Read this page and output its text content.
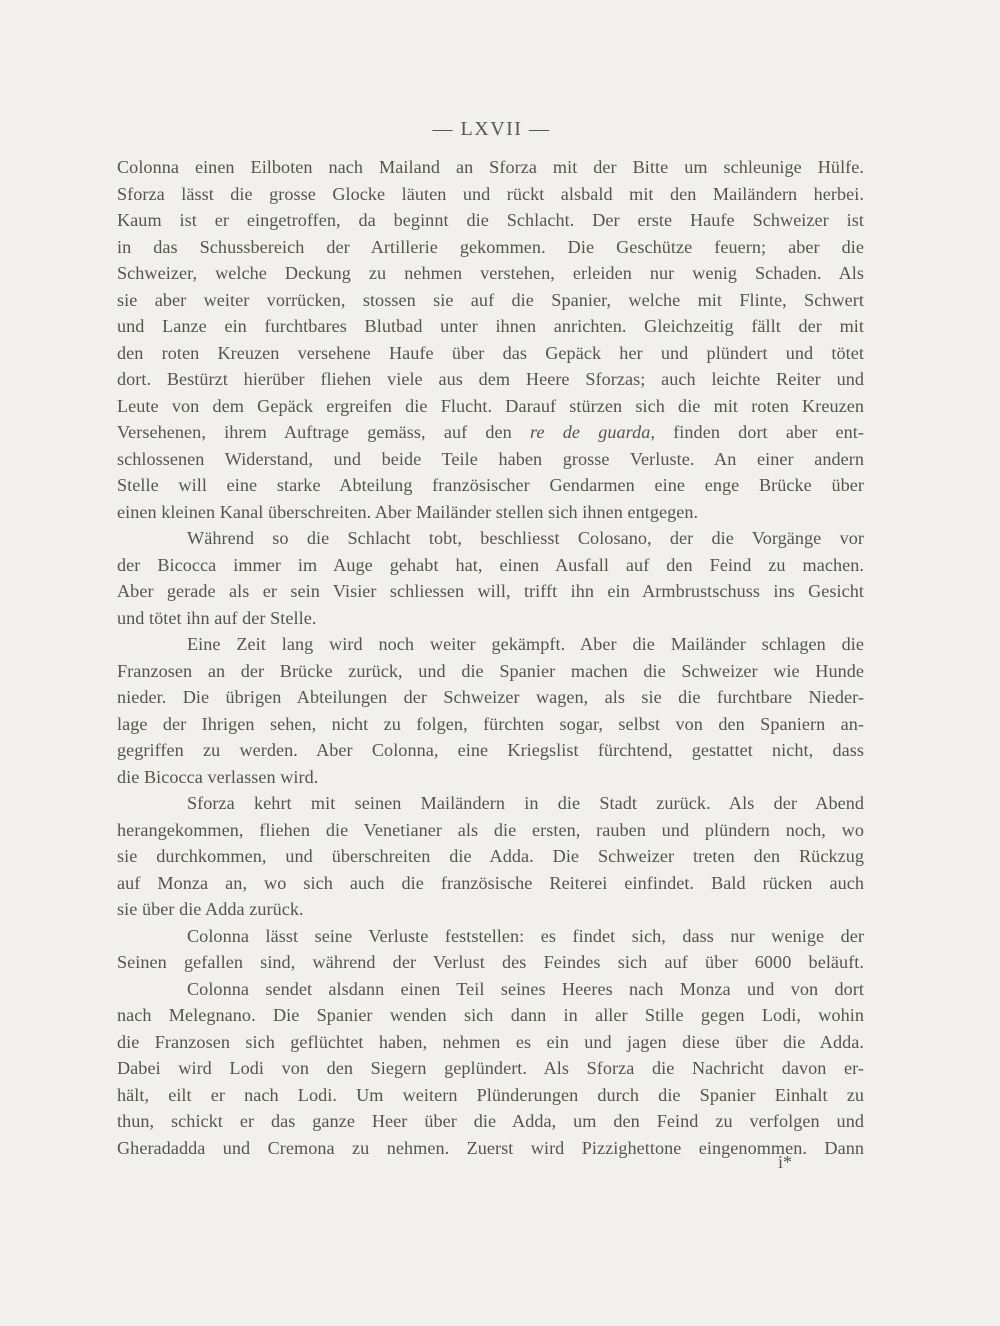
— LXVII —
Colonna einen Eilboten nach Mailand an Sforza mit der Bitte um schleunige Hülfe.
Sforza lässt die grosse Glocke läuten und rückt alsbald mit den Mailändern herbei.
Kaum ist er eingetroffen, da beginnt die Schlacht. Der erste Haufe Schweizer ist
in das Schussbereich der Artillerie gekommen. Die Geschütze feuern; aber die
Schweizer, welche Deckung zu nehmen verstehen, erleiden nur wenig Schaden. Als
sie aber weiter vorrücken, stossen sie auf die Spanier, welche mit Flinte, Schwert
und Lanze ein furchtbares Blutbad unter ihnen anrichten. Gleichzeitig fällt der mit
den roten Kreuzen versehene Haufe über das Gepäck her und plündert und tötet
dort. Bestürzt hierüber fliehen viele aus dem Heere Sforzas; auch leichte Reiter und
Leute von dem Gepäck ergreifen die Flucht. Darauf stürzen sich die mit roten Kreuzen
Versehenen, ihrem Auftrage gemäss, auf den re de guarda, finden dort aber ent-
schlossenen Widerstand, und beide Teile haben grosse Verluste. An einer andern
Stelle will eine starke Abteilung französischer Gendarmen eine enge Brücke über
einen kleinen Kanal überschreiten. Aber Mailänder stellen sich ihnen entgegen.
Während so die Schlacht tobt, beschliesst Colosano, der die Vorgänge vor
der Bicocca immer im Auge gehabt hat, einen Ausfall auf den Feind zu machen.
Aber gerade als er sein Visier schliessen will, trifft ihn ein Armbrustschuss ins Gesicht
und tötet ihn auf der Stelle.
Eine Zeit lang wird noch weiter gekämpft. Aber die Mailänder schlagen die
Franzosen an der Brücke zurück, und die Spanier machen die Schweizer wie Hunde
nieder. Die übrigen Abteilungen der Schweizer wagen, als sie die furchtbare Nieder-
lage der Ihrigen sehen, nicht zu folgen, fürchten sogar, selbst von den Spaniern an-
gegriffen zu werden. Aber Colonna, eine Kriegslist fürchtend, gestattet nicht, dass
die Bicocca verlassen wird.
Sforza kehrt mit seinen Mailändern in die Stadt zurück. Als der Abend
herangekommen, fliehen die Venetianer als die ersten, rauben und plündern noch, wo
sie durchkommen, und überschreiten die Adda. Die Schweizer treten den Rückzug
auf Monza an, wo sich auch die französische Reiterei einfindet. Bald rücken auch
sie über die Adda zurück.
Colonna lässt seine Verluste feststellen: es findet sich, dass nur wenige der
Seinen gefallen sind, während der Verlust des Feindes sich auf über 6000 beläuft.
Colonna sendet alsdann einen Teil seines Heeres nach Monza und von dort
nach Melegnano. Die Spanier wenden sich dann in aller Stille gegen Lodi, wohin
die Franzosen sich geflüchtet haben, nehmen es ein und jagen diese über die Adda.
Dabei wird Lodi von den Siegern geplündert. Als Sforza die Nachricht davon er-
hält, eilt er nach Lodi. Um weitern Plünderungen durch die Spanier Einhalt zu
thun, schickt er das ganze Heer über die Adda, um den Feind zu verfolgen und
Gheradadda und Cremona zu nehmen. Zuerst wird Pizzighettone eingenommen. Dann
i*
